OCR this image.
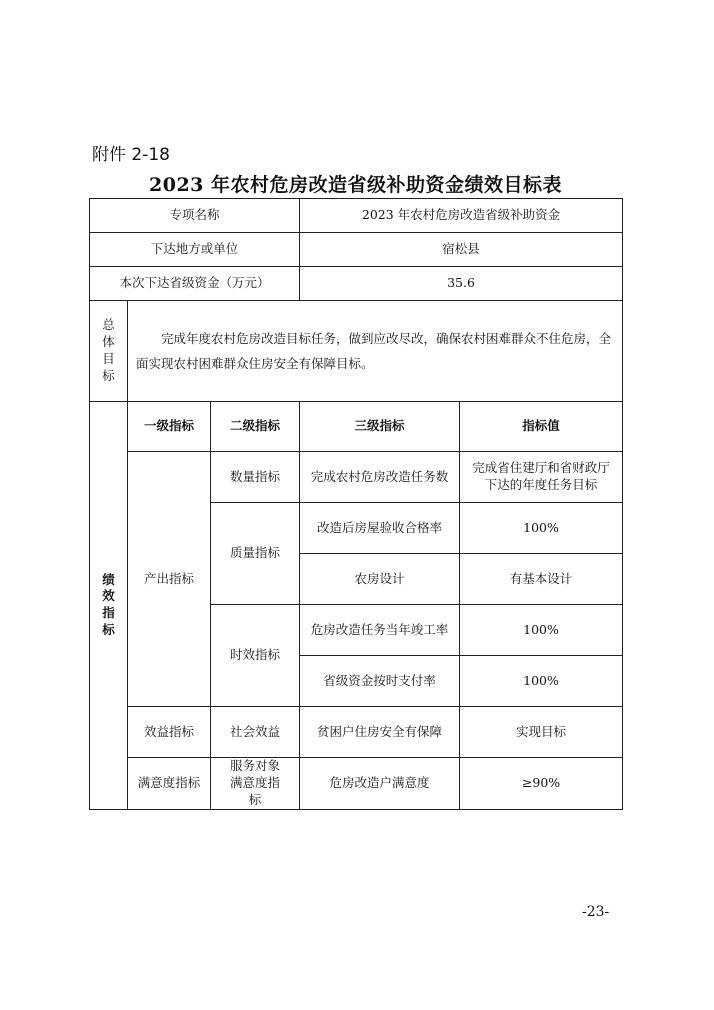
附件 2-18
2023 年农村危房改造省级补助资金绩效目标表
专项名称			2023 年农村危房改造省级补助资金	
下达地方或单位			宿松县	
本次下达省级资金（万元）			35.6	
总
体
目
标	完成年度农村危房改造目标任务，做到应改尽改，确保农村困难群众不住危房，全面实现农村困难群众住房安全有保障目标。			
绩
效
指
标	一级指标	二级指标	三级指标	指标值
	产出指标	数量指标	完成农村危房改造任务数	完成省住建厅和省财政厅下达的年度任务目标
		质量指标	改造后房屋验收合格率	100%
			农房设计	有基本设计
		时效指标	危房改造任务当年竣工率	100%
			省级资金按时支付率	100%
	效益指标	社会效益	贫困户住房安全有保障	实现目标
	满意度指标	服务对象满意度指标	危房改造户满意度	≥90%
-23-
